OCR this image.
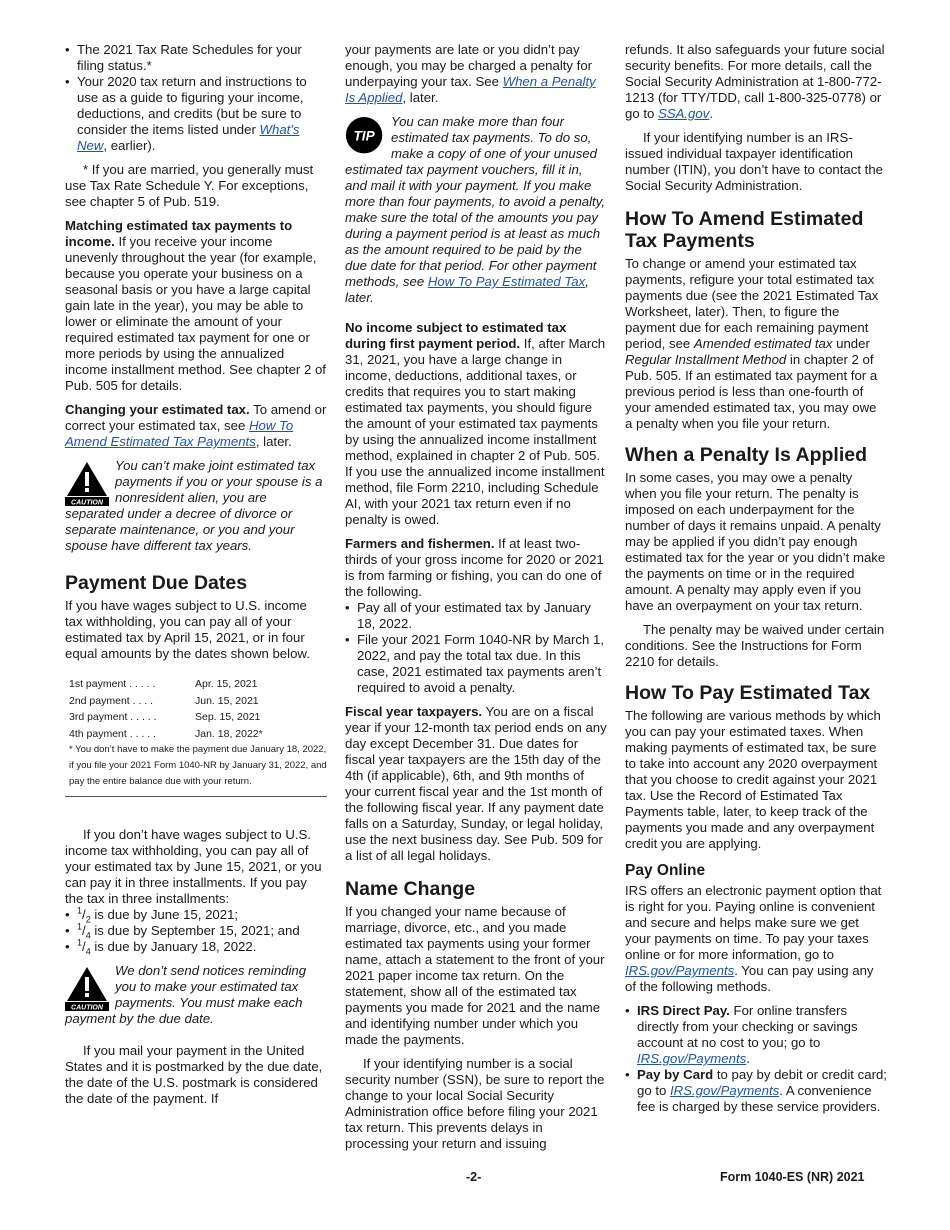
• The 2021 Tax Rate Schedules for your filing status.*
• Your 2020 tax return and instructions to use as a guide to figuring your income, deductions, and credits (but be sure to consider the items listed under What's New, earlier).

* If you are married, you generally must use Tax Rate Schedule Y. For exceptions, see chapter 5 of Pub. 519.

Matching estimated tax payments to income. If you receive your income unevenly throughout the year (for example, because you operate your business on a seasonal basis or you have a large capital gain late in the year), you may be able to lower or eliminate the amount of your required estimated tax payment for one or more periods by using the annualized income installment method. See chapter 2 of Pub. 505 for details.

Changing your estimated tax. To amend or correct your estimated tax, see How To Amend Estimated Tax Payments, later.

CAUTION
You can’t make joint estimated tax payments if you or your spouse is a nonresident alien, you are separated under a decree of divorce or separate maintenance, or you and your spouse have different tax years.
Payment Due Dates

If you have wages subject to U.S. income tax withholding, you can pay all of your estimated tax by April 15, 2021, or in four equal amounts by the dates shown below.

1st payment . . . . .	Apr. 15, 2021
2nd payment . . . .	Jun. 15, 2021
3rd payment . . . . .	Sep. 15, 2021
4th payment . . . . .	Jan. 18, 2022*
* You don’t have to make the payment due January 18, 2022, if you file your 2021 Form 1040-NR by January 31, 2022, and pay the entire balance due with your return.

If you don’t have wages subject to U.S. income tax withholding, you can pay all of your estimated tax by June 15, 2021, or you can pay it in three installments. If you pay the tax in three installments:

• $^1/_2$ is due by June 15, 2021;
• $^1/_4$ is due by September 15, 2021; and
• $^1/_4$ is due by January 18, 2022.
CAUTION
We don’t send notices reminding you to make your estimated tax payments. You must make each payment by the due date.

If you mail your payment in the United States and it is postmarked by the due date, the date of the U.S. postmark is considered the date of the payment. If

your payments are late or you didn’t pay enough, you may be charged a penalty for underpaying your tax. See When a Penalty Is Applied, later.

TIP
You can make more than four estimated tax payments. To do so, make a copy of one of your unused estimated tax payment vouchers, fill it in, and mail it with your payment. If you make more than four payments, to avoid a penalty, make sure the total of the amounts you pay during a payment period is at least as much as the amount required to be paid by the due date for that period. For other payment methods, see How To Pay Estimated Tax, later.

No income subject to estimated tax during first payment period. If, after March 31, 2021, you have a large change in income, deductions, additional taxes, or credits that requires you to start making estimated tax payments, you should figure the amount of your estimated tax payments by using the annualized income installment method, explained in chapter 2 of Pub. 505. If you use the annualized income installment method, file Form 2210, including Schedule AI, with your 2021 tax return even if no penalty is owed.

Farmers and fishermen. If at least two-thirds of your gross income for 2020 or 2021 is from farming or fishing, you can do one of the following.

• Pay all of your estimated tax by January 18, 2022.
• File your 2021 Form 1040-NR by March 1, 2022, and pay the total tax due. In this case, 2021 estimated tax payments aren’t required to avoid a penalty.

Fiscal year taxpayers. You are on a fiscal year if your 12-month tax period ends on any day except December 31. Due dates for fiscal year taxpayers are the 15th day of the 4th (if applicable), 6th, and 9th months of your current fiscal year and the 1st month of the following fiscal year. If any payment date falls on a Saturday, Sunday, or legal holiday, use the next business day. See Pub. 509 for a list of all legal holidays.

Name Change

If you changed your name because of marriage, divorce, etc., and you made estimated tax payments using your former name, attach a statement to the front of your 2021 paper income tax return. On the statement, show all of the estimated tax payments you made for 2021 and the name and identifying number under which you made the payments.

If your identifying number is a social security number (SSN), be sure to report the change to your local Social Security Administration office before filing your 2021 tax return. This prevents delays in processing your return and issuing

refunds. It also safeguards your future social security benefits. For more details, call the Social Security Administration at 1-800-772-1213 (for TTY/TDD, call 1-800-325-0778) or go to SSA.gov.

If your identifying number is an IRS-issued individual taxpayer identification number (ITIN), you don’t have to contact the Social Security Administration.

How To Amend Estimated Tax Payments

To change or amend your estimated tax payments, refigure your total estimated tax payments due (see the 2021 Estimated Tax Worksheet, later). Then, to figure the payment due for each remaining payment period, see Amended estimated tax under Regular Installment Method in chapter 2 of Pub. 505. If an estimated tax payment for a previous period is less than one-fourth of your amended estimated tax, you may owe a penalty when you file your return.

When a Penalty Is Applied

In some cases, you may owe a penalty when you file your return. The penalty is imposed on each underpayment for the number of days it remains unpaid. A penalty may be applied if you didn’t pay enough estimated tax for the year or you didn’t make the payments on time or in the required amount. A penalty may apply even if you have an overpayment on your tax return.

The penalty may be waived under certain conditions. See the Instructions for Form 2210 for details.

How To Pay Estimated Tax

The following are various methods by which you can pay your estimated taxes. When making payments of estimated tax, be sure to take into account any 2020 overpayment that you choose to credit against your 2021 tax. Use the Record of Estimated Tax Payments table, later, to keep track of the payments you made and any overpayment credit you are applying.

Pay Online

IRS offers an electronic payment option that is right for you. Paying online is convenient and secure and helps make sure we get your payments on time. To pay your taxes online or for more information, go to IRS.gov/Payments. You can pay using any of the following methods.

• IRS Direct Pay. For online transfers directly from your checking or savings account at no cost to you; go to IRS.gov/Payments.
• Pay by Card to pay by debit or credit card; go to IRS.gov/Payments. A convenience fee is charged by these service providers.
-2-	Form 1040-ES (NR) 2021
